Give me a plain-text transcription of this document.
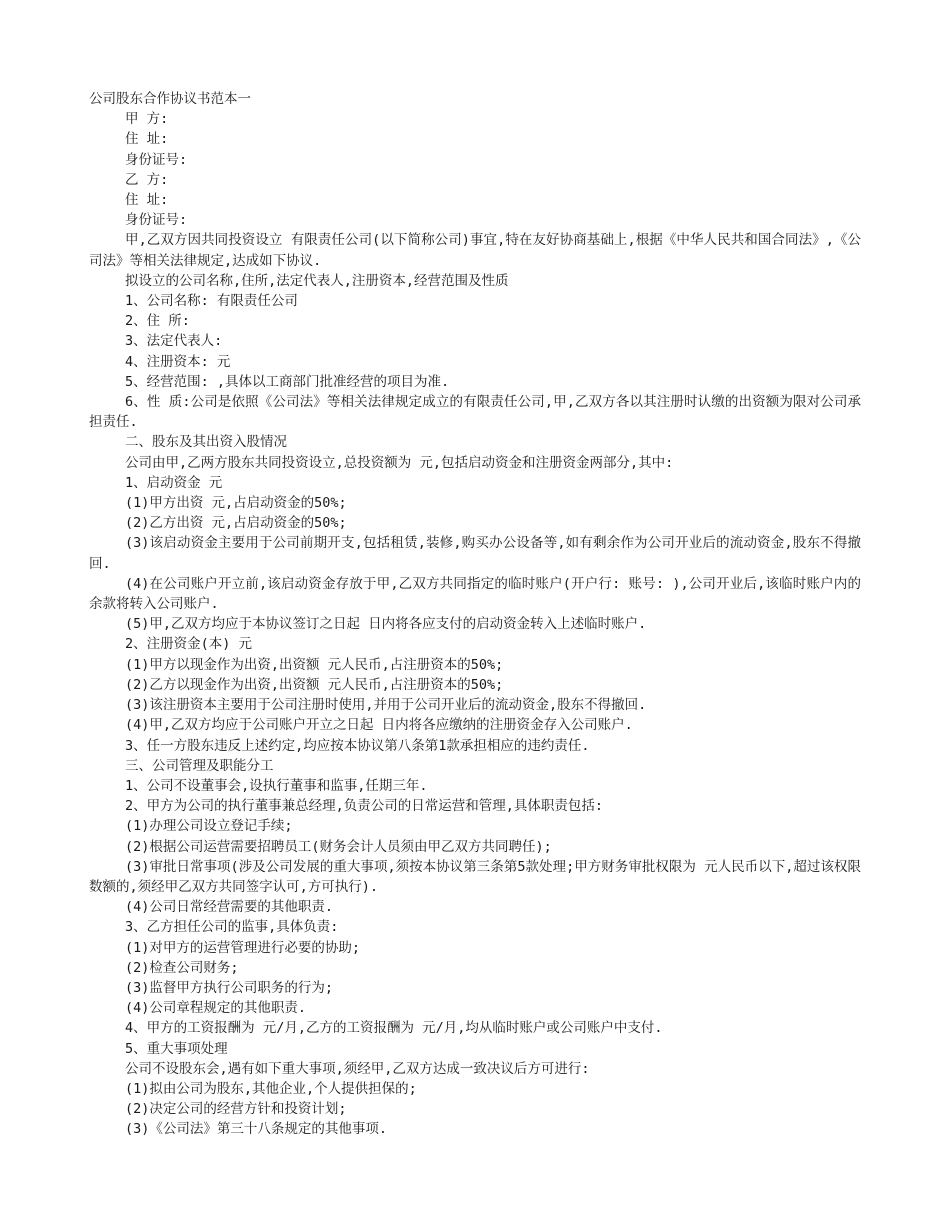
公司股东合作协议书范本一
甲 方:
住 址:
身份证号:
乙 方:
住 址:
身份证号:
甲,乙双方因共同投资设立 有限责任公司(以下简称公司)事宜,特在友好协商基础上,根据《中华人民共和国合同法》,《公司法》等相关法律规定,达成如下协议.
拟设立的公司名称,住所,法定代表人,注册资本,经营范围及性质
1、公司名称: 有限责任公司
2、住 所:
3、法定代表人:
4、注册资本: 元
5、经营范围: ,具体以工商部门批准经营的项目为准.
6、性 质:公司是依照《公司法》等相关法律规定成立的有限责任公司,甲,乙双方各以其注册时认缴的出资额为限对公司承担责任.
二、股东及其出资入股情况
公司由甲,乙两方股东共同投资设立,总投资额为 元,包括启动资金和注册资金两部分,其中:
1、启动资金 元
(1)甲方出资 元,占启动资金的50%;
(2)乙方出资 元,占启动资金的50%;
(3)该启动资金主要用于公司前期开支,包括租赁,装修,购买办公设备等,如有剩余作为公司开业后的流动资金,股东不得撤回.
(4)在公司账户开立前,该启动资金存放于甲,乙双方共同指定的临时账户(开户行: 账号: ),公司开业后,该临时账户内的余款将转入公司账户.
(5)甲,乙双方均应于本协议签订之日起 日内将各应支付的启动资金转入上述临时账户.
2、注册资金(本) 元
(1)甲方以现金作为出资,出资额 元人民币,占注册资本的50%;
(2)乙方以现金作为出资,出资额 元人民币,占注册资本的50%;
(3)该注册资本主要用于公司注册时使用,并用于公司开业后的流动资金,股东不得撤回.
(4)甲,乙双方均应于公司账户开立之日起 日内将各应缴纳的注册资金存入公司账户.
3、任一方股东违反上述约定,均应按本协议第八条第1款承担相应的违约责任.
三、公司管理及职能分工
1、公司不设董事会,设执行董事和监事,任期三年.
2、甲方为公司的执行董事兼总经理,负责公司的日常运营和管理,具体职责包括:
(1)办理公司设立登记手续;
(2)根据公司运营需要招聘员工(财务会计人员须由甲乙双方共同聘任);
(3)审批日常事项(涉及公司发展的重大事项,须按本协议第三条第5款处理;甲方财务审批权限为 元人民币以下,超过该权限数额的,须经甲乙双方共同签字认可,方可执行).
(4)公司日常经营需要的其他职责.
3、乙方担任公司的监事,具体负责:
(1)对甲方的运营管理进行必要的协助;
(2)检查公司财务;
(3)监督甲方执行公司职务的行为;
(4)公司章程规定的其他职责.
4、甲方的工资报酬为 元/月,乙方的工资报酬为 元/月,均从临时账户或公司账户中支付.
5、重大事项处理
公司不设股东会,遇有如下重大事项,须经甲,乙双方达成一致决议后方可进行:
(1)拟由公司为股东,其他企业,个人提供担保的;
(2)决定公司的经营方针和投资计划;
(3)《公司法》第三十八条规定的其他事项.
